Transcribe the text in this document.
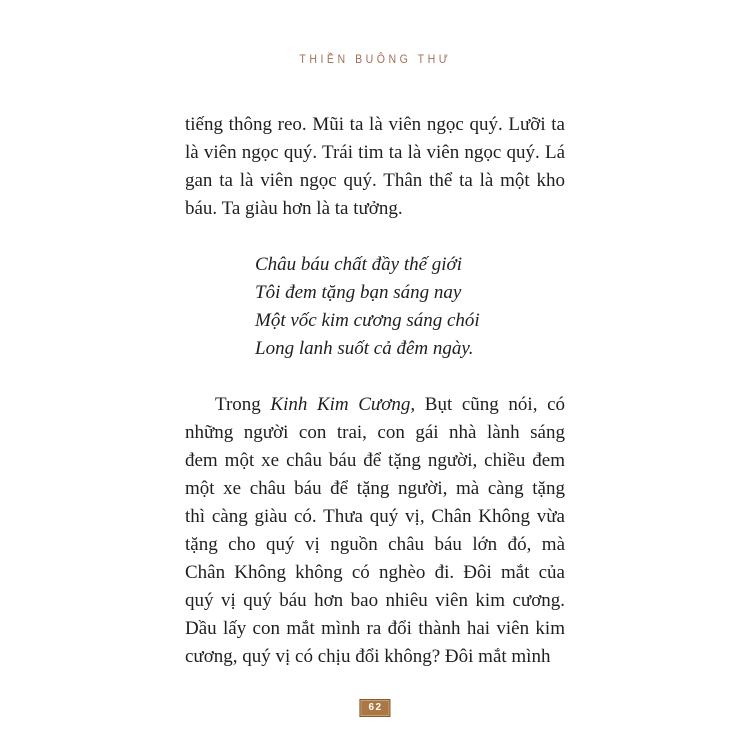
THIỀN BUÔNG THƯ
tiếng thông reo. Mũi ta là viên ngọc quý. Lưỡi ta
là viên ngọc quý. Trái tim ta là viên ngọc quý. Lá
gan ta là viên ngọc quý. Thân thể ta là một kho
báu. Ta giàu hơn là ta tưởng.
Châu báu chất đầy thế giới
Tôi đem tặng bạn sáng nay
Một vốc kim cương sáng chói
Long lanh suốt cả đêm ngày.
Trong Kinh Kim Cương, Bụt cũng nói, có
những người con trai, con gái nhà lành sáng
đem một xe châu báu để tặng người, chiều đem
một xe châu báu để tặng người, mà càng tặng
thì càng giàu có. Thưa quý vị, Chân Không vừa
tặng cho quý vị nguồn châu báu lớn đó, mà
Chân Không không có nghèo đi. Đôi mắt của
quý vị quý báu hơn bao nhiêu viên kim cương.
Dầu lấy con mắt mình ra đổi thành hai viên kim
cương, quý vị có chịu đổi không? Đôi mắt mình
62
